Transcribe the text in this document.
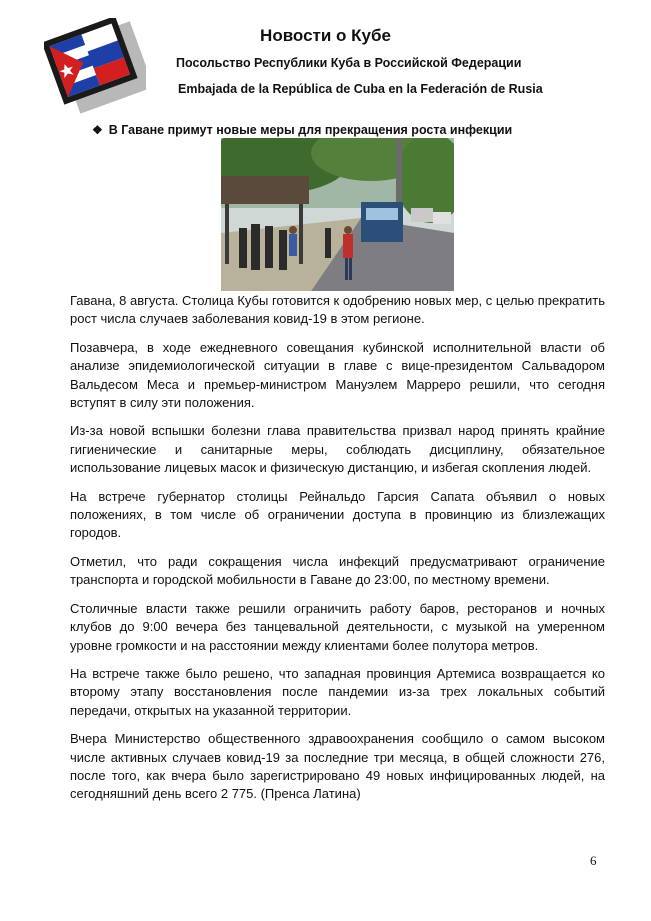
Новости о Кубе
Посольство Республики Куба в Российской Федерации
Embajada de la República de Cuba en la Federación de Rusia
❖ В Гаване примут новые меры для прекращения роста инфекции

Гавана, 8 августа. Столица Кубы готовится к одобрению новых мер, с целью прекратить рост числа случаев заболевания ковид-19 в этом регионе.

Позавчера, в ходе ежедневного совещания кубинской исполнительной власти об анализе эпидемиологической ситуации в главе с вице-президентом Сальвадором Вальдесом Меса и премьер-министром Мануэлем Марреро решили, что сегодня вступят в силу эти положения.

Из-за новой вспышки болезни глава правительства призвал народ принять крайние гигиенические и санитарные меры, соблюдать дисциплину, обязательное использование лицевых масок и физическую дистанцию, и избегая скопления людей.

На встрече губернатор столицы Рейнальдо Гарсия Сапата объявил о новых положениях, в том числе об ограничении доступа в провинцию из близлежащих городов.

Отметил, что ради сокращения числа инфекций предусматривают ограничение транспорта и городской мобильности в Гаване до 23:00, по местному времени.

Столичные власти также решили ограничить работу баров, ресторанов и ночных клубов до 9:00 вечера без танцевальной деятельности, с музыкой на умеренном уровне громкости и на расстоянии между клиентами более полутора метров.

На встрече также было решено, что западная провинция Артемиса возвращается ко второму этапу восстановления после пандемии из-за трех локальных событий передачи, открытых на указанной территории.

Вчера Министерство общественного здравоохранения сообщило о самом высоком числе активных случаев ковид-19 за последние три месяца, в общей сложности 276, после того, как вчера было зарегистрировано 49 новых инфицированных людей, на сегодняшний день всего 2 775. (Пренса Латина)

6
